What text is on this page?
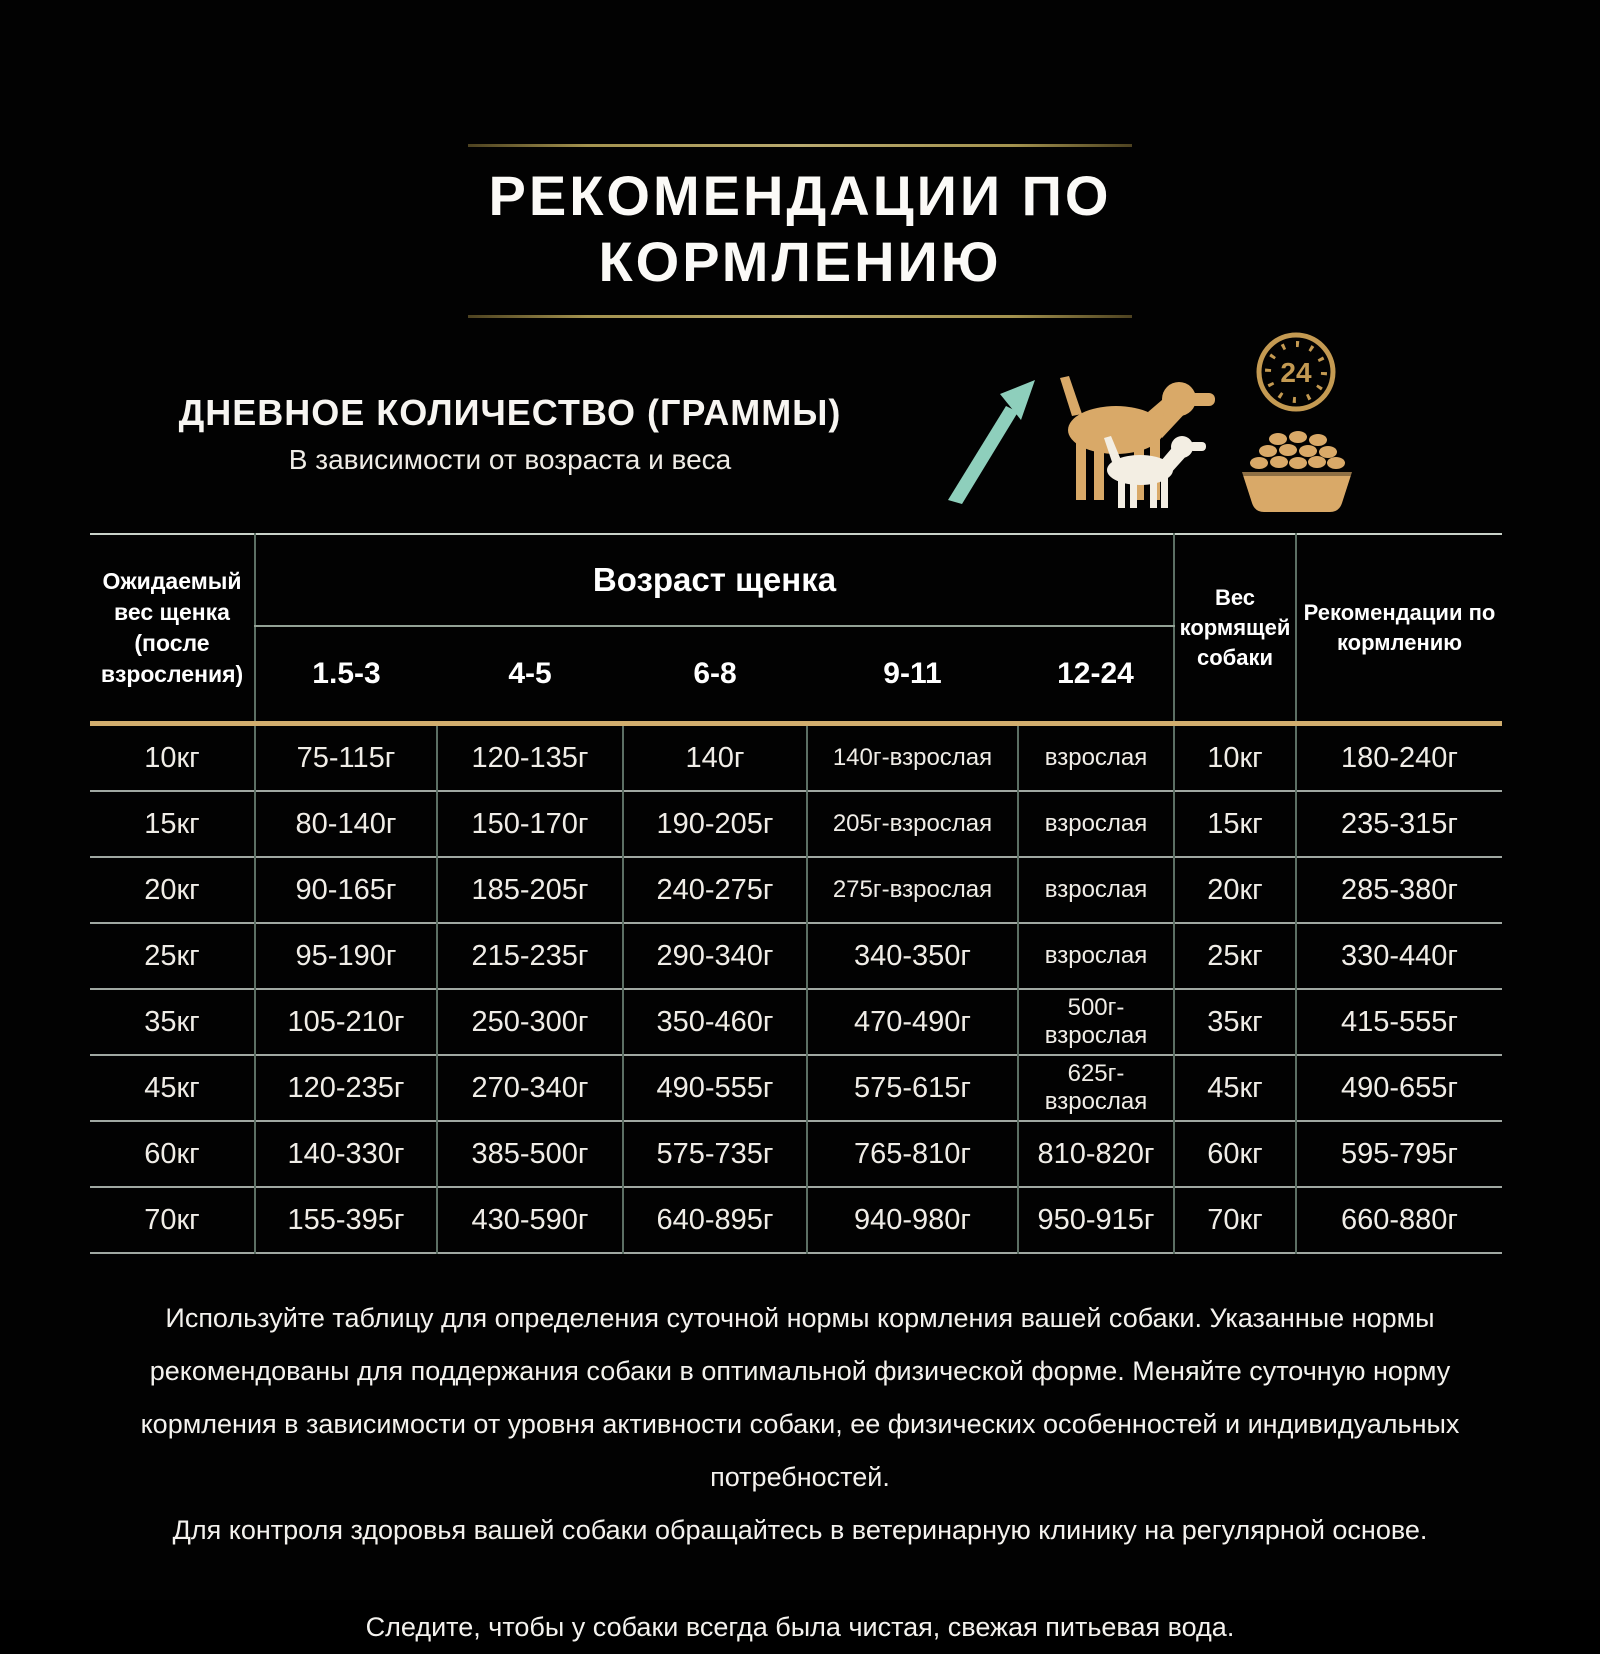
РЕКОМЕНДАЦИИ ПО
КОРМЛЕНИЮ
ДНЕВНОЕ КОЛИЧЕСТВО (ГРАММЫ)
В зависимости от возраста и веса
24
Ожидаемый вес щенка (после взросления)	Возраст щенка					Вес кормящей собаки	Рекомендации по кормлению
	1.5-3	4-5	6-8	9-11	12-24		
10кг	75-115г	120-135г	140г	140г-взрослая	взрослая	10кг	180-240г
15кг	80-140г	150-170г	190-205г	205г-взрослая	взрослая	15кг	235-315г
20кг	90-165г	185-205г	240-275г	275г-взрослая	взрослая	20кг	285-380г
25кг	95-190г	215-235г	290-340г	340-350г	взрослая	25кг	330-440г
35кг	105-210г	250-300г	350-460г	470-490г	500г-взрослая	35кг	415-555г
45кг	120-235г	270-340г	490-555г	575-615г	625г-взрослая	45кг	490-655г
60кг	140-330г	385-500г	575-735г	765-810г	810-820г	60кг	595-795г
70кг	155-395г	430-590г	640-895г	940-980г	950-915г	70кг	660-880г

Используйте таблицу для определения суточной нормы кормления вашей собаки. Указанные нормы рекомендованы для поддержания собаки в оптимальной физической форме. Меняйте суточную норму кормления в зависимости от уровня активности собаки, ее физических особенностей и индивидуальных потребностей.

Для контроля здоровья вашей собаки обращайтесь в ветеринарную клинику на регулярной основе.

Следите, чтобы у собаки всегда была чистая, свежая питьевая вода.
